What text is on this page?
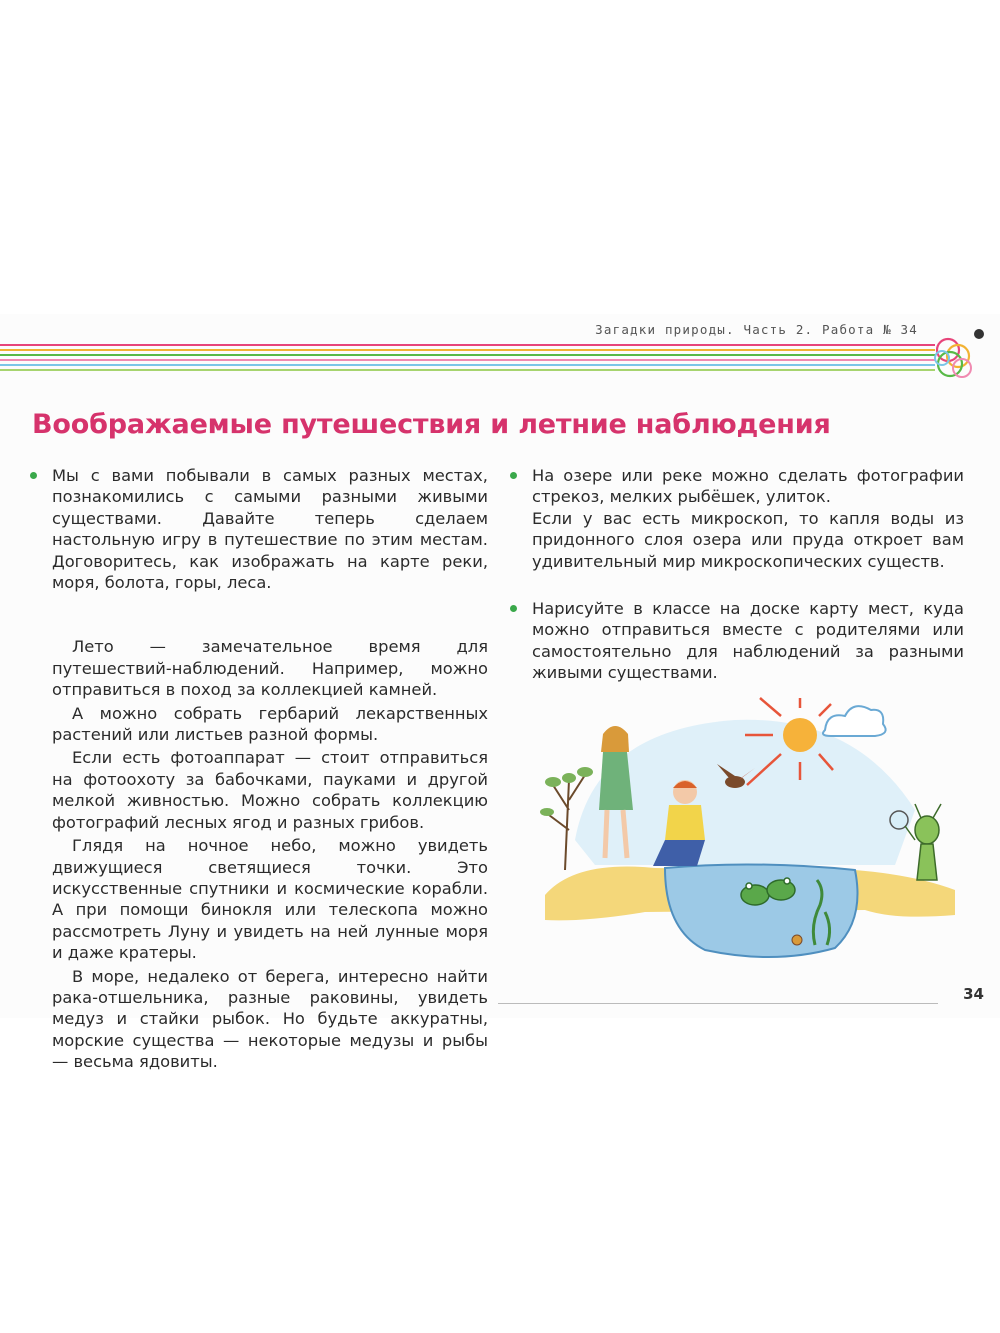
Загадки природы. Часть 2. Работа № 34
Воображаемые путешествия и летние наблюдения

Мы с вами побывали в самых разных местах, познакомились с самыми разными живыми существами. Давайте теперь сделаем настольную игру в путешествие по этим местам. Договоритесь, как изображать на карте реки, моря, болота, горы, леса.

Лето — замечательное время для путешествий-наблюдений. Например, можно отправиться в поход за коллекцией камней.

А можно собрать гербарий лекарственных растений или листьев разной формы.

Если есть фотоаппарат — стоит отправиться на фотоохоту за бабочками, пауками и другой мелкой живностью. Можно собрать коллекцию фотографий лесных ягод и разных грибов.

Глядя на ночное небо, можно увидеть движущиеся светящиеся точки. Это искусственные спутники и космические корабли. А при помощи бинокля или телескопа можно рассмотреть Луну и увидеть на ней лунные моря и даже кратеры.

В море, недалеко от берега, интересно найти рака-отшельника, разные раковины, увидеть медуз и стайки рыбок. Но будьте аккуратны, морские существа — некоторые медузы и рыбы — весьма ядовиты.

На озере или реке можно сделать фотографии стрекоз, мелких рыбёшек, улиток.

Если у вас есть микроскоп, то капля воды из придонного слоя озера или пруда откроет вам удивительный мир микроскопических существ.

Нарисуйте в классе на доске карту мест, куда можно отправиться вместе с родителями или самостоятельно для наблюдений за разными живыми существами.

34
